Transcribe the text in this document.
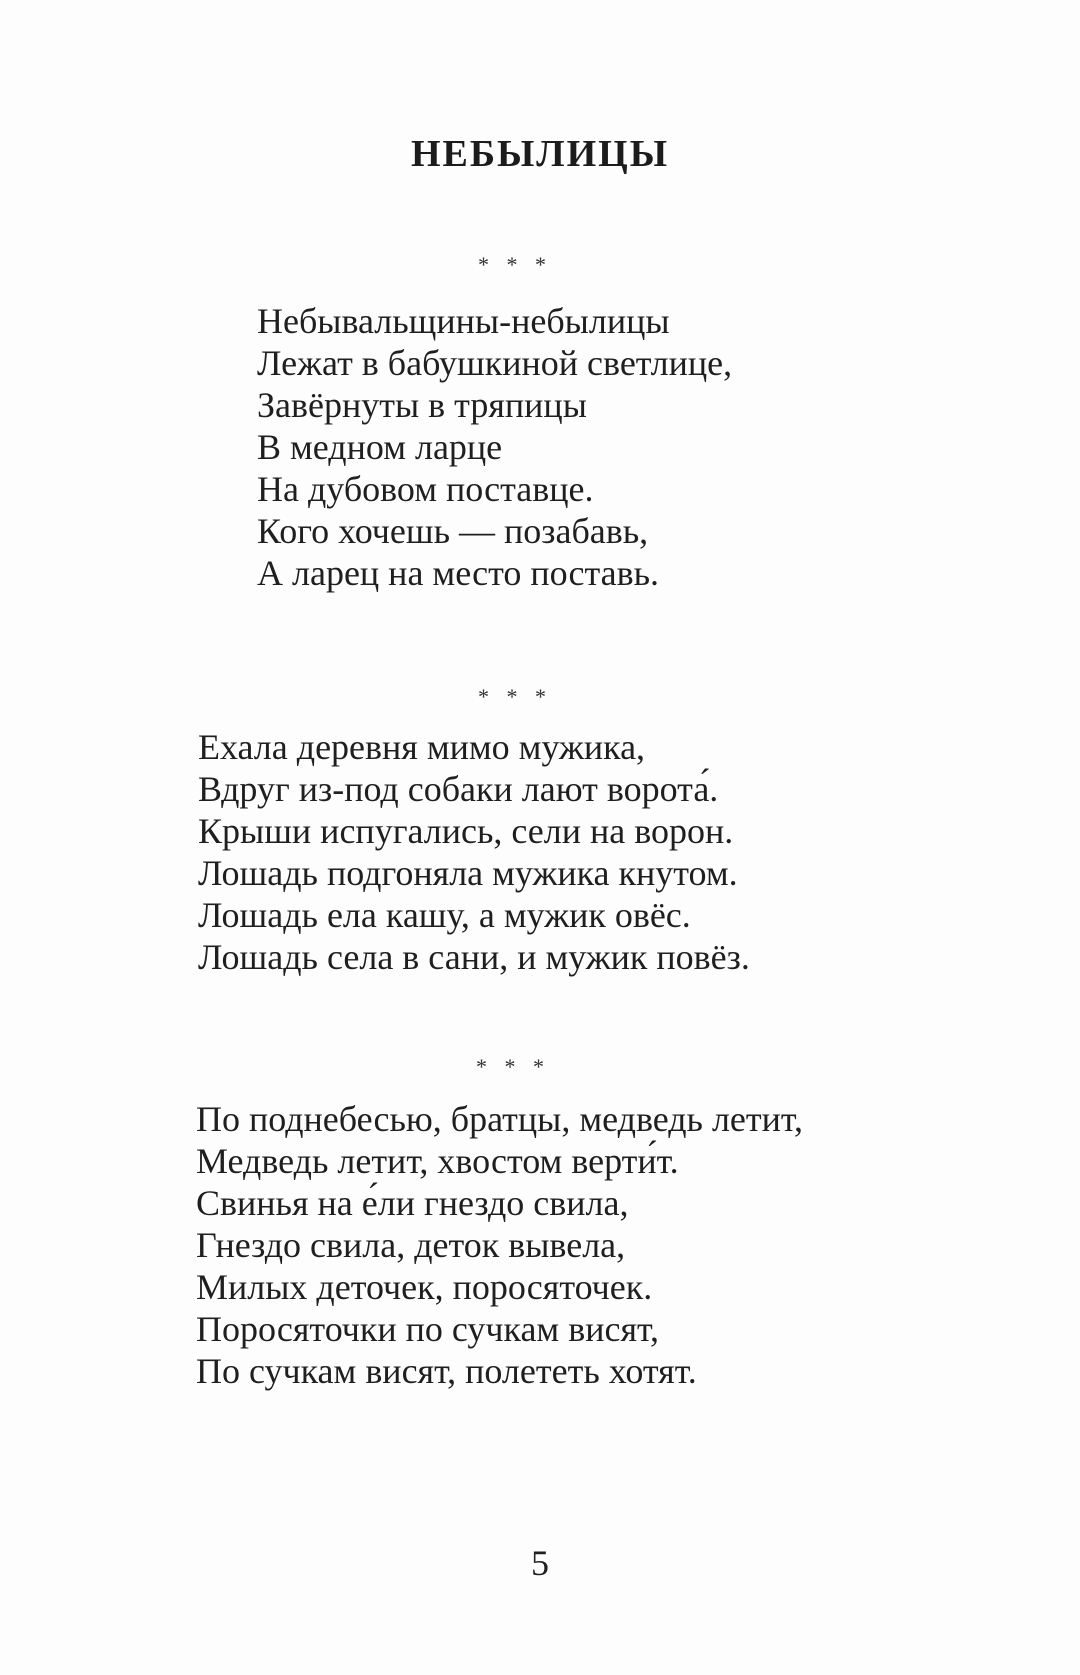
НЕБЫЛИЦЫ
* * *
Небывальщины-небылицы
Лежат в бабушкиной светлице,
Завёрнуты в тряпицы
В медном ларце
На дубовом поставце.
Кого хочешь — позабавь,
А ларец на место поставь.
* * *
Ехала деревня мимо мужика,
Вдруг из-под собаки лают ворота́.
Крыши испугались, сели на ворон.
Лошадь подгоняла мужика кнутом.
Лошадь ела кашу, а мужик овёс.
Лошадь села в сани, и мужик повёз.
* * *
По поднебесью, братцы, медведь летит,
Медведь летит, хвостом верти́т.
Свинья на е́ли гнездо свила,
Гнездо свила, деток вывела,
Милых деточек, поросяточек.
Поросяточки по сучкам висят,
По сучкам висят, полететь хотят.
5
